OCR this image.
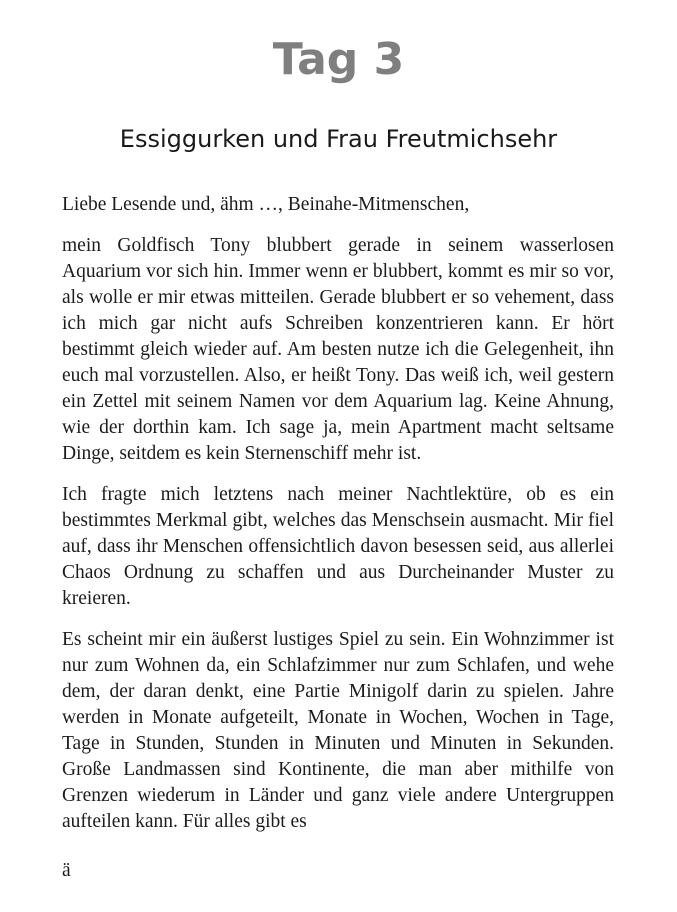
Tag 3
Essiggurken und Frau Freutmichsehr

Liebe Lesende und, ähm …, Beinahe-Mitmenschen,

mein Goldfisch Tony blubbert gerade in seinem wasserlosen Aquarium vor sich hin. Immer wenn er blubbert, kommt es mir so vor, als wolle er mir etwas mitteilen. Gerade blubbert er so vehement, dass ich mich gar nicht aufs Schreiben konzentrieren kann. Er hört bestimmt gleich wieder auf. Am besten nutze ich die Gelegenheit, ihn euch mal vorzustellen. Also, er heißt Tony. Das weiß ich, weil gestern ein Zettel mit seinem Namen vor dem Aquarium lag. Keine Ahnung, wie der dorthin kam. Ich sage ja, mein Apartment macht seltsame Dinge, seitdem es kein Sternenschiff mehr ist.

Ich fragte mich letztens nach meiner Nachtlektüre, ob es ein bestimmtes Merkmal gibt, welches das Menschsein ausmacht. Mir fiel auf, dass ihr Menschen offensichtlich davon besessen seid, aus allerlei Chaos Ordnung zu schaffen und aus Durcheinander Muster zu kreieren.

Es scheint mir ein äußerst lustiges Spiel zu sein. Ein Wohnzimmer ist nur zum Wohnen da, ein Schlafzimmer nur zum Schlafen, und wehe dem, der daran denkt, eine Partie Minigolf darin zu spielen. Jahre werden in Monate aufgeteilt, Monate in Wochen, Wochen in Tage, Tage in Stunden, Stunden in Minuten und Minuten in Sekunden. Große Landmassen sind Kontinente, die man aber mithilfe von Grenzen wiederum in Länder und ganz viele andere Untergruppen aufteilen kann. Für alles gibt es

ä
